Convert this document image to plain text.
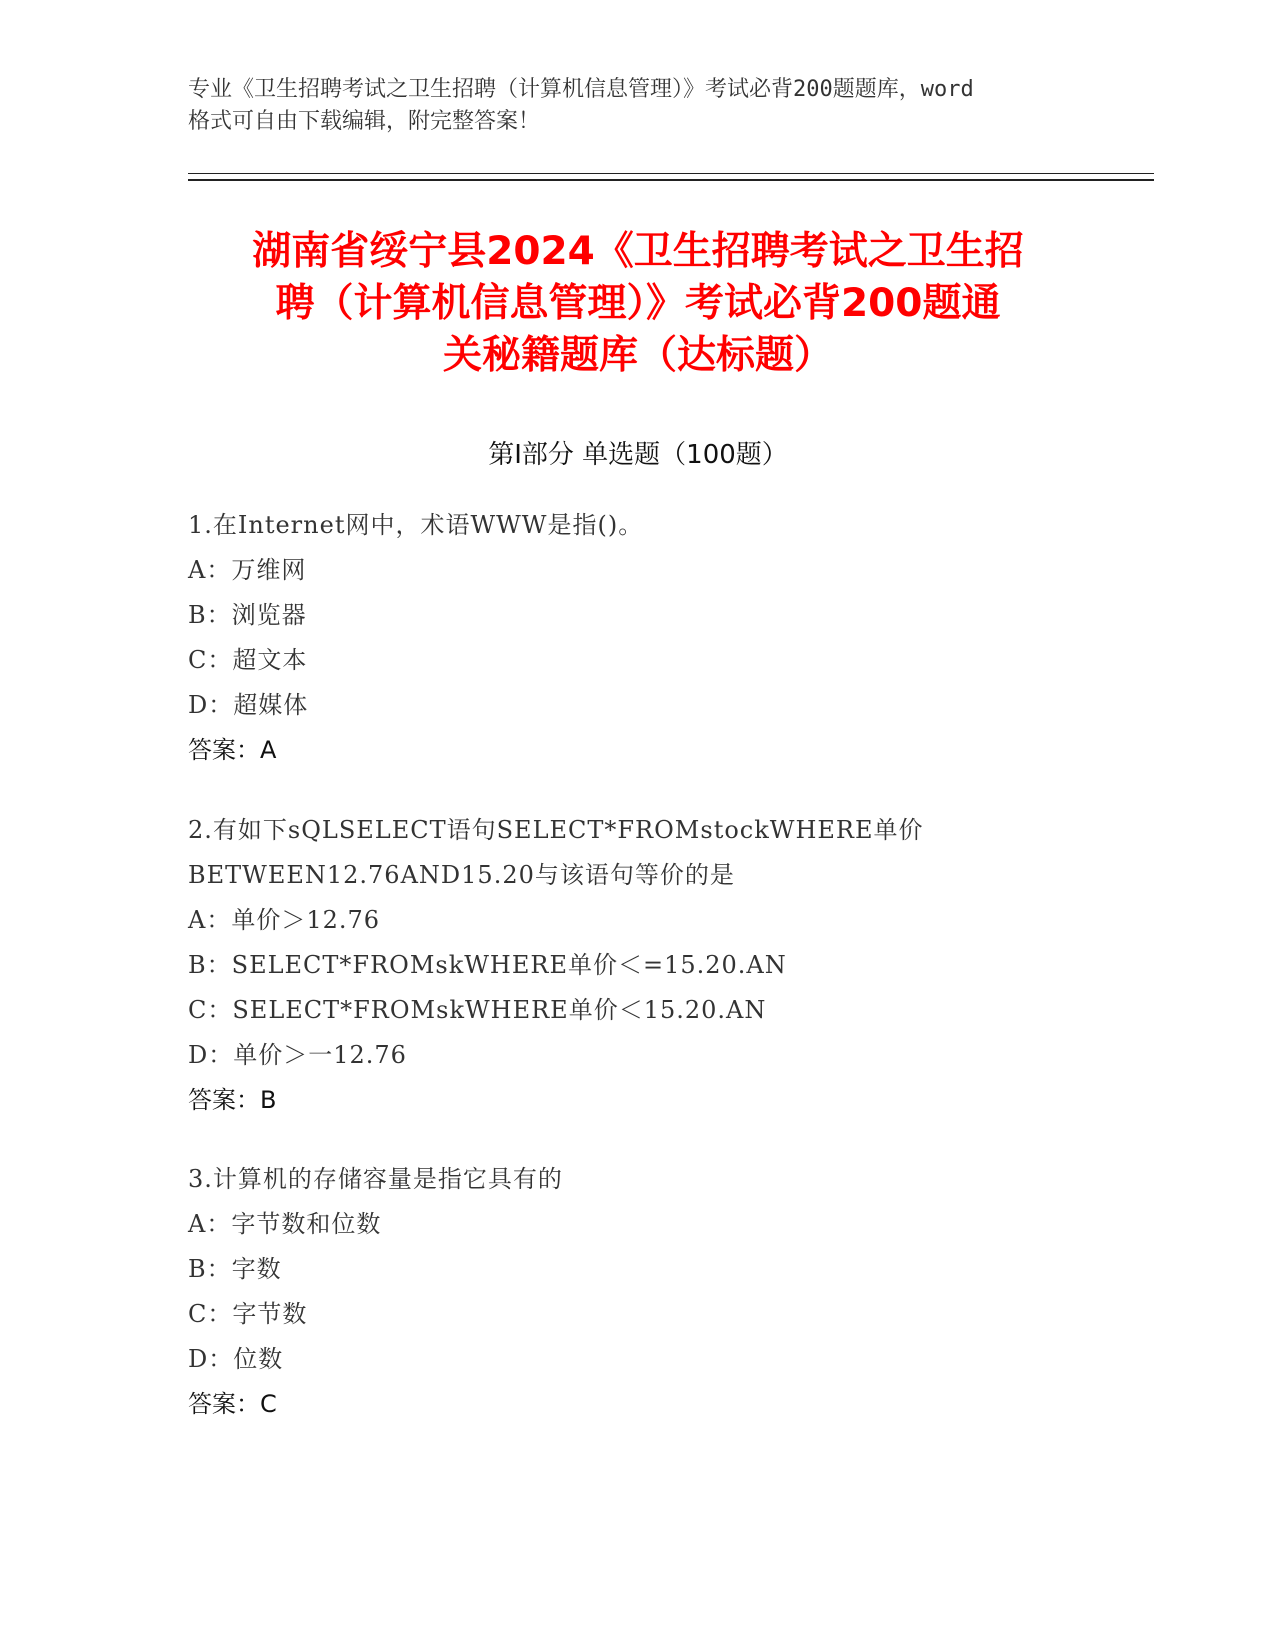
专业《卫生招聘考试之卫生招聘（计算机信息管理）》考试必背200题题库，word
格式可自由下载编辑，附完整答案！
湖南省绥宁县2024《卫生招聘考试之卫生招
聘（计算机信息管理）》考试必背200题通
关秘籍题库（达标题）
第Ⅰ部分 单选题（100题）
1.在Internet网中，术语WWW是指()。
A：万维网
B：浏览器
C：超文本
D：超媒体
答案：A
2.有如下sQLSELECT语句SELECT*FROMstockWHERE单价
BETWEEN12.76AND15.20与该语句等价的是
A：单价＞12.76
B：SELECT*FROMskWHERE单价＜=15.20.AN
C：SELECT*FROMskWHERE单价＜15.20.AN
D：单价＞一12.76
答案：B
3.计算机的存储容量是指它具有的
A：字节数和位数
B：字数
C：字节数
D：位数
答案：C
